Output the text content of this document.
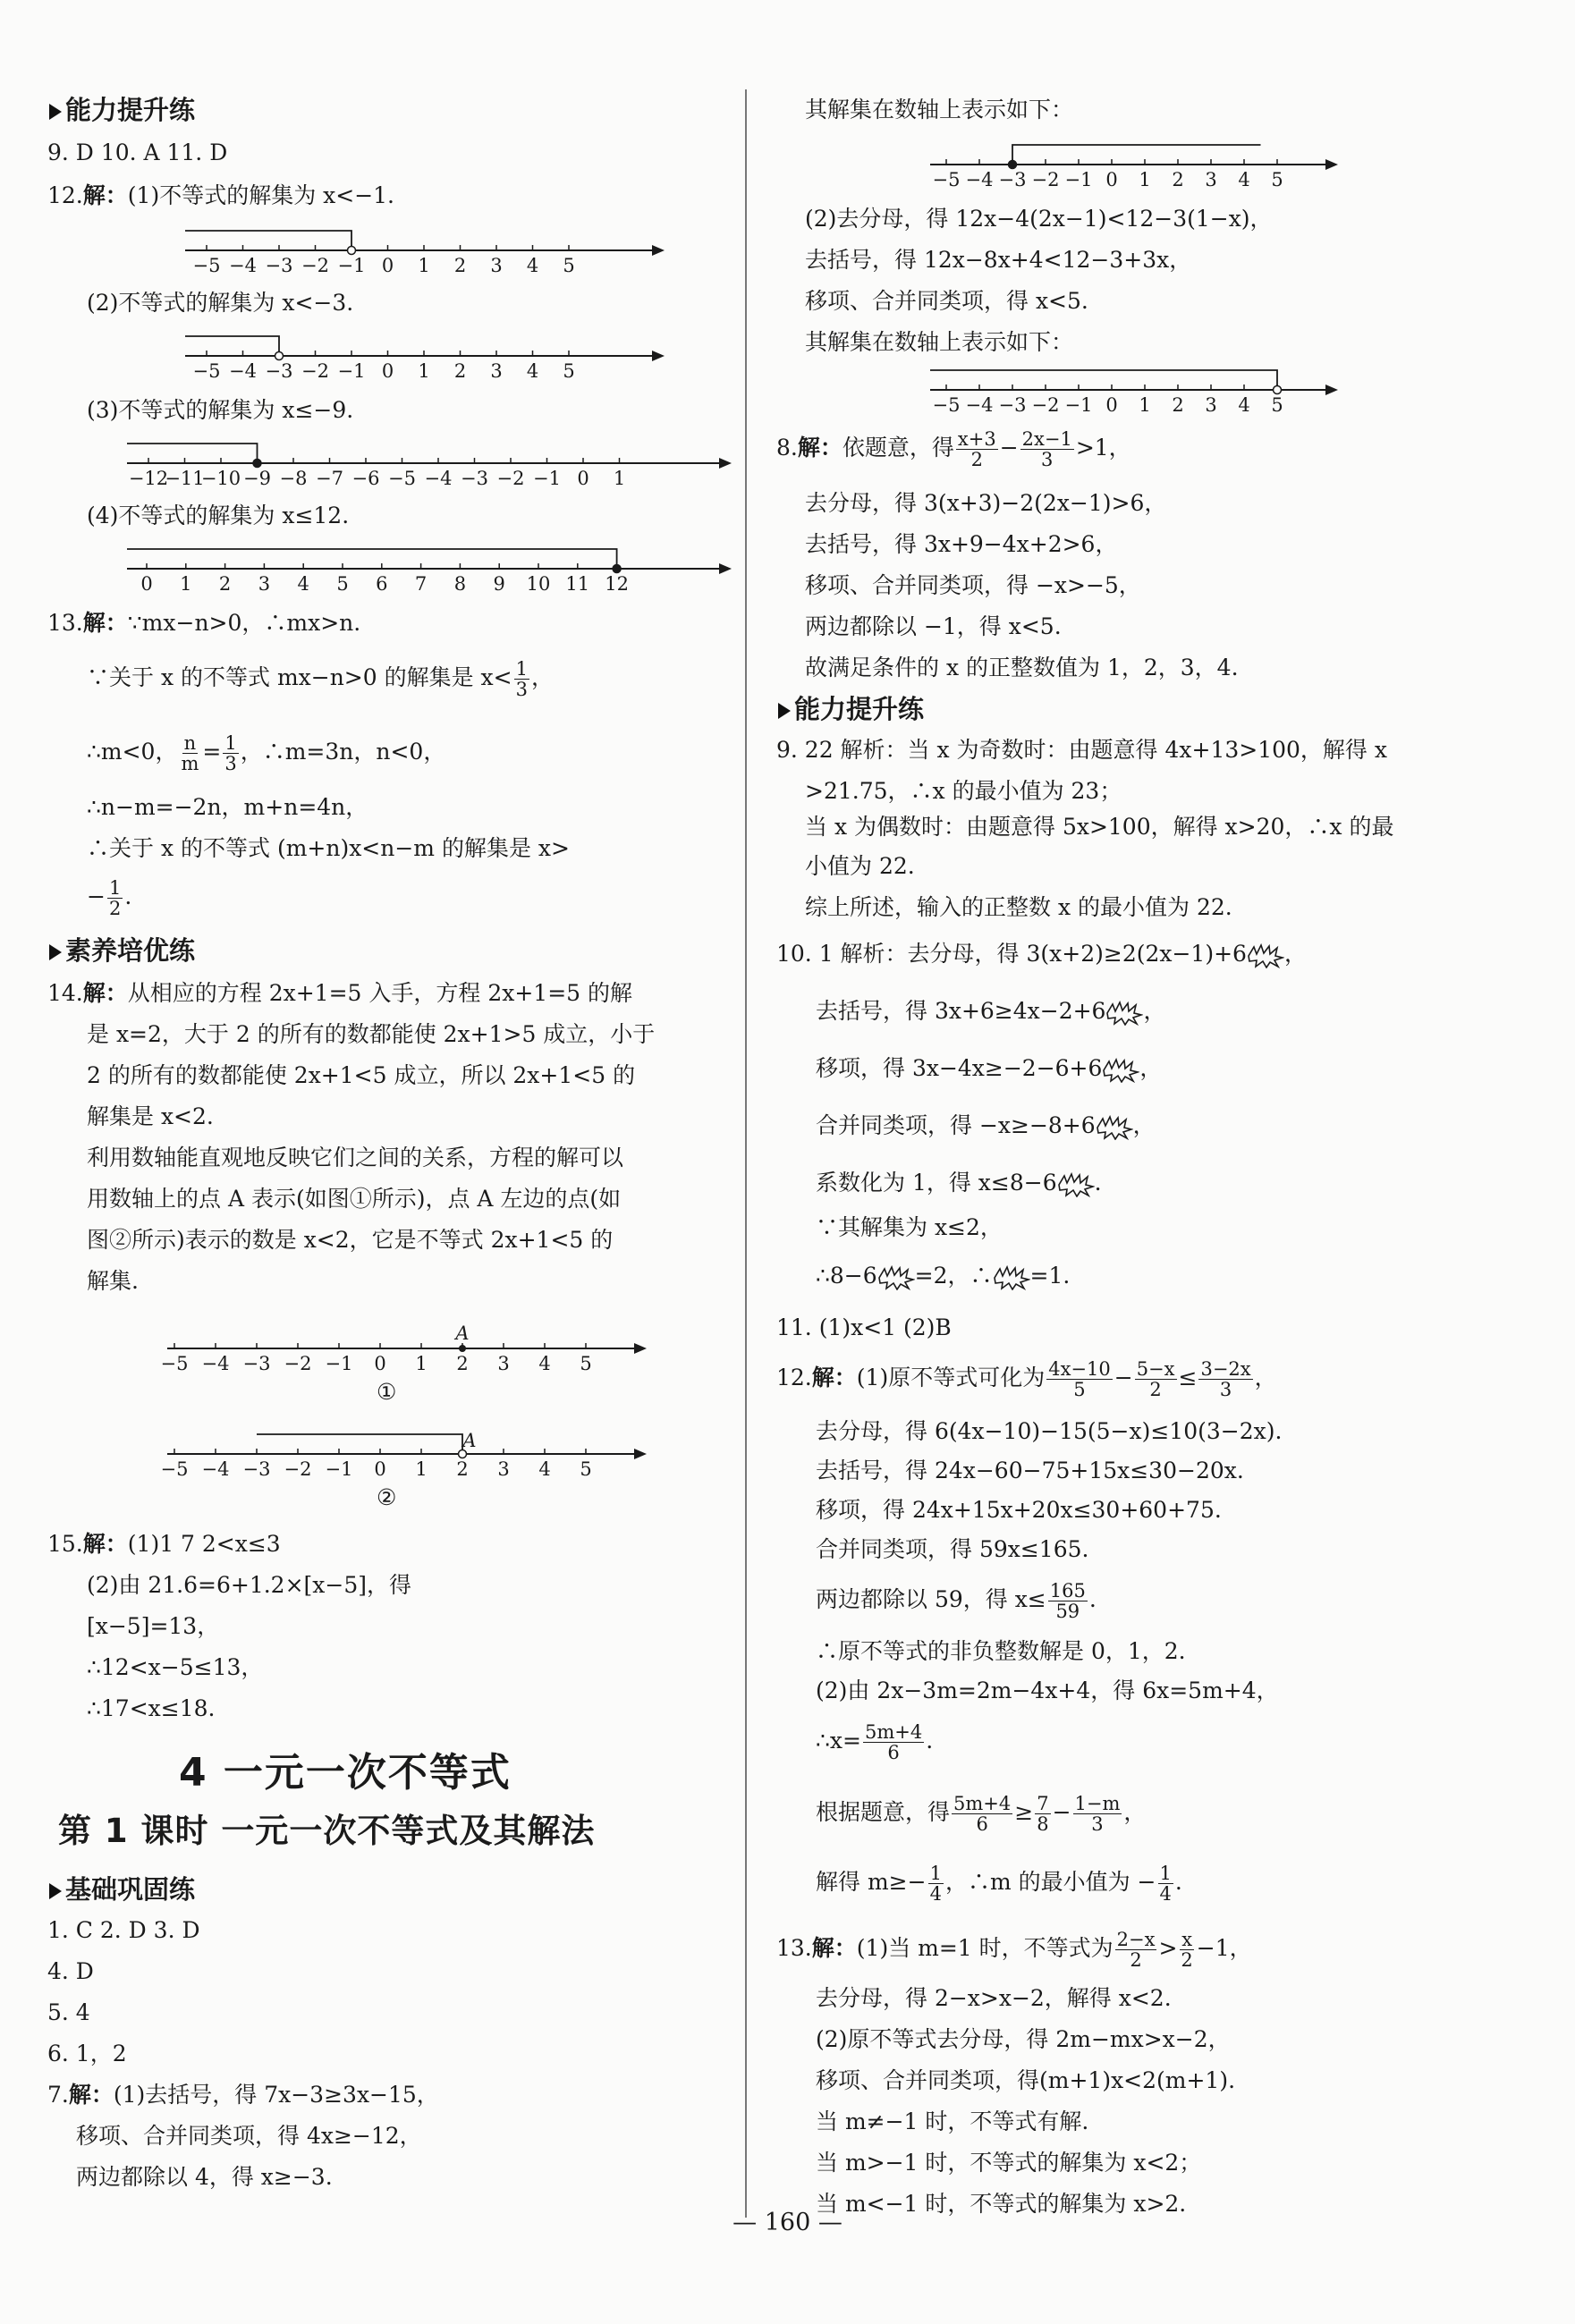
能力提升练
9. D 10. A 11. D
12.解：(1)不等式的解集为 x<−1.
−5 −4 −3 −2 −1 0 1 2 3 4 5
(2)不等式的解集为 x<−3.
−5 −4 −3 −2 −1 0 1 2 3 4 5
(3)不等式的解集为 x≤−9.
−12
−11
−10 −9 −8 −7 −6 −5 −4 −3 −2 −1 0 1
(4)不等式的解集为 x≤12.
0 1 2 3 4 5 6 7 8 9 10 11 12
13.解：∵mx−n>0，∴mx>n.
∵关于 x 的不等式 mx−n>0 的解集是 $x< \frac{1}{3}$ ，
∴m<0， $\frac{n}{m} = \frac{1}{3}$ ，∴m=3n，n<0，
∴n−m=−2n，m+n=4n，
∴关于 x 的不等式 (m+n)x<n−m 的解集是 x>
− $\frac{1}{2}$ .
素养培优练
14.解：从相应的方程 2x+1=5 入手，方程 2x+1=5 的解
是 x=2，大于 2 的所有的数都能使 2x+1>5 成立，小于
2 的所有的数都能使 2x+1<5 成立，所以 2x+1<5 的
解集是 x<2.
利用数轴能直观地反映它们之间的关系，方程的解可以
用数轴上的点 A 表示(如图①所示)，点 A 左边的点(如
图②所示)表示的数是 x<2，它是不等式 2x+1<5 的
解集.
−5 −4 −3 −2 −1 0 1 2 3 4 5
A
①
−5 −4 −3 −2 −1 0 1 2 3 4 5
A
②
15.解：(1)1 7 2<x≤3
(2)由 21.6=6+1.2×[x−5]，得
[x−5]=13，
∴12<x−5≤13，
∴17<x≤18.
4 一元一次不等式
第 1 课时 一元一次不等式及其解法
基础巩固练
1. C 2. D 3. D
4. D
5. 4
6. 1，2
7.解：(1)去括号，得 7x−3≥3x−15，
移项、合并同类项，得 4x≥−12，
两边都除以 4，得 x≥−3.
其解集在数轴上表示如下：
−5 −4 −3 −2 −1 0 1 2 3 4 5
(2)去分母，得 12x−4(2x−1)<12−3(1−x)，
去括号，得 12x−8x+4<12−3+3x，
移项、合并同类项，得 x<5.
其解集在数轴上表示如下：
−5 −4 −3 −2 −1 0 1 2 3 4 5
8.解：依题意，得 $\frac{x+3}{2} - \frac{2x-1}{3} >1$，
去分母，得 3(x+3)−2(2x−1)>6，
去括号，得 3x+9−4x+2>6，
移项、合并同类项，得 −x>−5，
两边都除以 −1，得 x<5.
故满足条件的 x 的正整数值为 1，2，3，4.
能力提升练
9. 22 解析：当 x 为奇数时：由题意得 4x+13>100，解得 x
>21.75，∴x 的最小值为 23；
当 x 为偶数时：由题意得 5x>100，解得 x>20，∴x 的最
小值为 22.
综上所述，输入的正整数 x 的最小值为 22.
10. 1 解析：去分母，得 3(x+2)≥2(2x−1)+6 ，
去括号，得 3x+6≥4x−2+6 ，
移项，得 3x−4x≥−2−6+6 ，
合并同类项，得 −x≥−8+6 ，
系数化为 1，得 x≤8−6 .
∵其解集为 x≤2，
∴8−6 =2，∴ =1.
11. (1)x<1 (2)B
12.解：(1)原不等式可化为 $\frac{4x-10}{5} - \frac{5-x}{2} \le \frac{3-2x}{3}$ ，
去分母，得 6(4x−10)−15(5−x)≤10(3−2x).
去括号，得 24x−60−75+15x≤30−20x.
移项，得 24x+15x+20x≤30+60+75.
合并同类项，得 59x≤165.
两边都除以 59，得 $x\le \frac{165}{59}$ .
∴原不等式的非负整数解是 0，1，2.
(2)由 2x−3m=2m−4x+4，得 6x=5m+4，
∴x= $\frac{5m+4}{6}$ .
根据题意，得 $\frac{5m+4}{6} \ge \frac{7}{8} - \frac{1-m}{3}$ ，
解得 $m\ge- \frac{1}{4}$ ，∴m 的最小值为 − $\frac{1}{4}$ .
13.解：(1)当 m=1 时，不等式为 $\frac{2-x}{2} > \frac{x}{2} -1$，
去分母，得 2−x>x−2，解得 x<2.
(2)原不等式去分母，得 2m−mx>x−2，
移项、合并同类项，得(m+1)x<2(m+1).
当 m≠−1 时，不等式有解.
当 m>−1 时，不等式的解集为 x<2；
当 m<−1 时，不等式的解集为 x>2.
— 160 —
